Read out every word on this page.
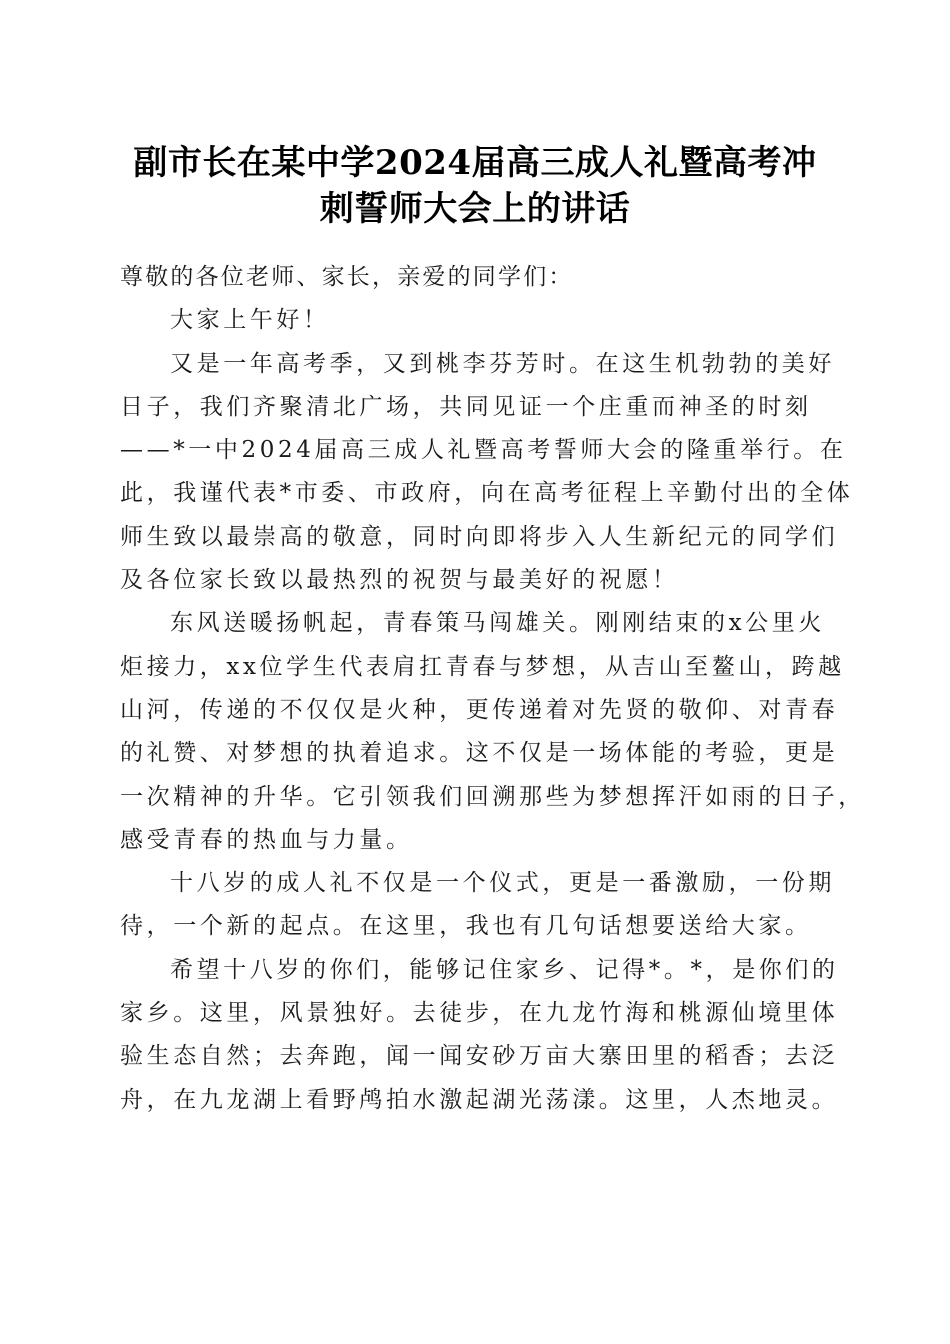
副市长在某中学2024届高三成人礼暨高考冲
刺誓师大会上的讲话
尊敬的各位老师、家长，亲爱的同学们：
大家上午好！
又是一年高考季，又到桃李芬芳时。在这生机勃勃的美好
日子，我们齐聚清北广场，共同见证一个庄重而神圣的时刻
——*一中2024届高三成人礼暨高考誓师大会的隆重举行。在
此，我谨代表*市委、市政府，向在高考征程上辛勤付出的全体
师生致以最崇高的敬意，同时向即将步入人生新纪元的同学们
及各位家长致以最热烈的祝贺与最美好的祝愿！
东风送暖扬帆起，青春策马闯雄关。刚刚结束的x公里火
炬接力，xx位学生代表肩扛青春与梦想，从吉山至鳌山，跨越
山河，传递的不仅仅是火种，更传递着对先贤的敬仰、对青春
的礼赞、对梦想的执着追求。这不仅是一场体能的考验，更是
一次精神的升华。它引领我们回溯那些为梦想挥汗如雨的日子，
感受青春的热血与力量。
十八岁的成人礼不仅是一个仪式，更是一番激励，一份期
待，一个新的起点。在这里，我也有几句话想要送给大家。
希望十八岁的你们，能够记住家乡、记得*。*，是你们的
家乡。这里，风景独好。去徒步，在九龙竹海和桃源仙境里体
验生态自然；去奔跑，闻一闻安砂万亩大寨田里的稻香；去泛
舟，在九龙湖上看野鸬拍水激起湖光荡漾。这里，人杰地灵。
